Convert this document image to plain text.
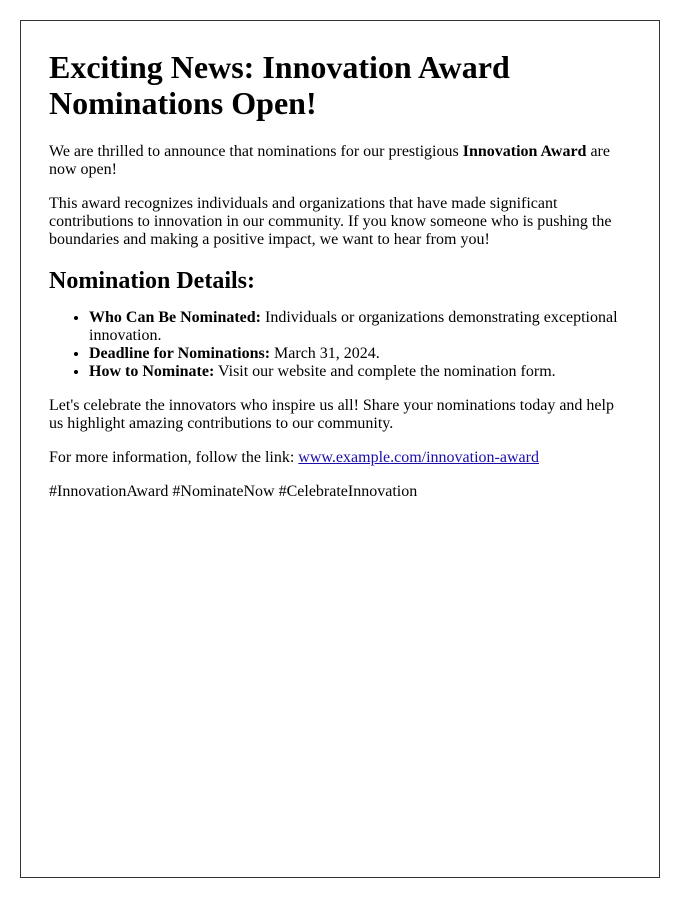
Exciting News: Innovation Award Nominations Open!

We are thrilled to announce that nominations for our prestigious Innovation Award are now open!

This award recognizes individuals and organizations that have made significant contributions to innovation in our community. If you know someone who is pushing the boundaries and making a positive impact, we want to hear from you!

Nomination Details:
• Who Can Be Nominated: Individuals or organizations demonstrating exceptional innovation.
• Deadline for Nominations: March 31, 2024.
• How to Nominate: Visit our website and complete the nomination form.

Let's celebrate the innovators who inspire us all! Share your nominations today and help us highlight amazing contributions to our community.

For more information, follow the link: www.example.com/innovation-award

#InnovationAward #NominateNow #CelebrateInnovation
